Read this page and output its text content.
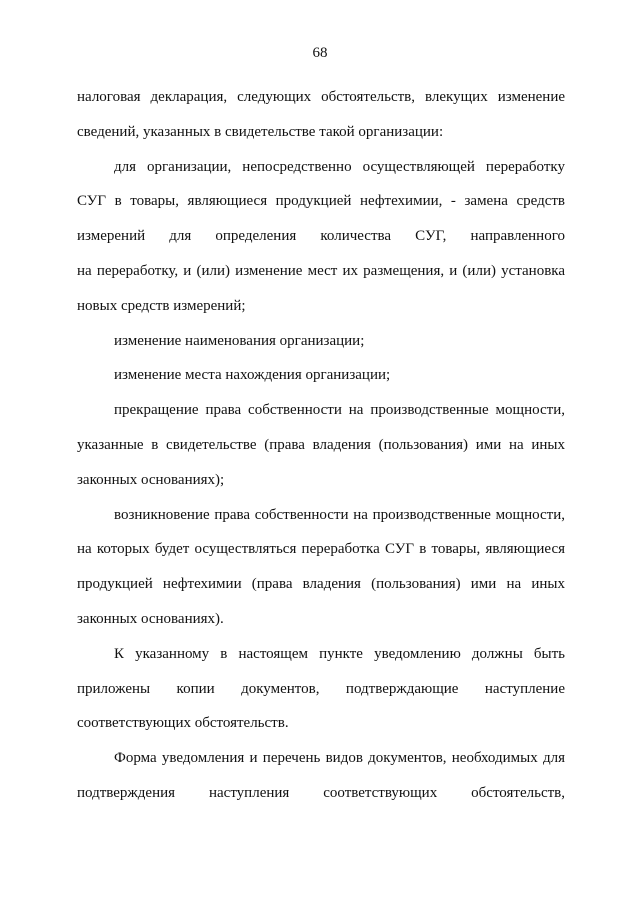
68
налоговая декларация, следующих обстоятельств, влекущих изменение
сведений, указанных в свидетельстве такой организации:
для организации, непосредственно осуществляющей переработку
СУГ в товары, являющиеся продукцией нефтехимии, - замена средств
измерений для определения количества СУГ, направленного
на переработку, и (или) изменение мест их размещения, и (или) установка
новых средств измерений;
изменение наименования организации;
изменение места нахождения организации;
прекращение права собственности на производственные мощности,
указанные в свидетельстве (права владения (пользования) ими на иных
законных основаниях);
возникновение права собственности на производственные мощности,
на которых будет осуществляться переработка СУГ в товары, являющиеся
продукцией нефтехимии (права владения (пользования) ими на иных
законных основаниях).
К указанному в настоящем пункте уведомлению должны быть
приложены копии документов, подтверждающие наступление
соответствующих обстоятельств.
Форма уведомления и перечень видов документов, необходимых для
подтверждения наступления соответствующих обстоятельств,
